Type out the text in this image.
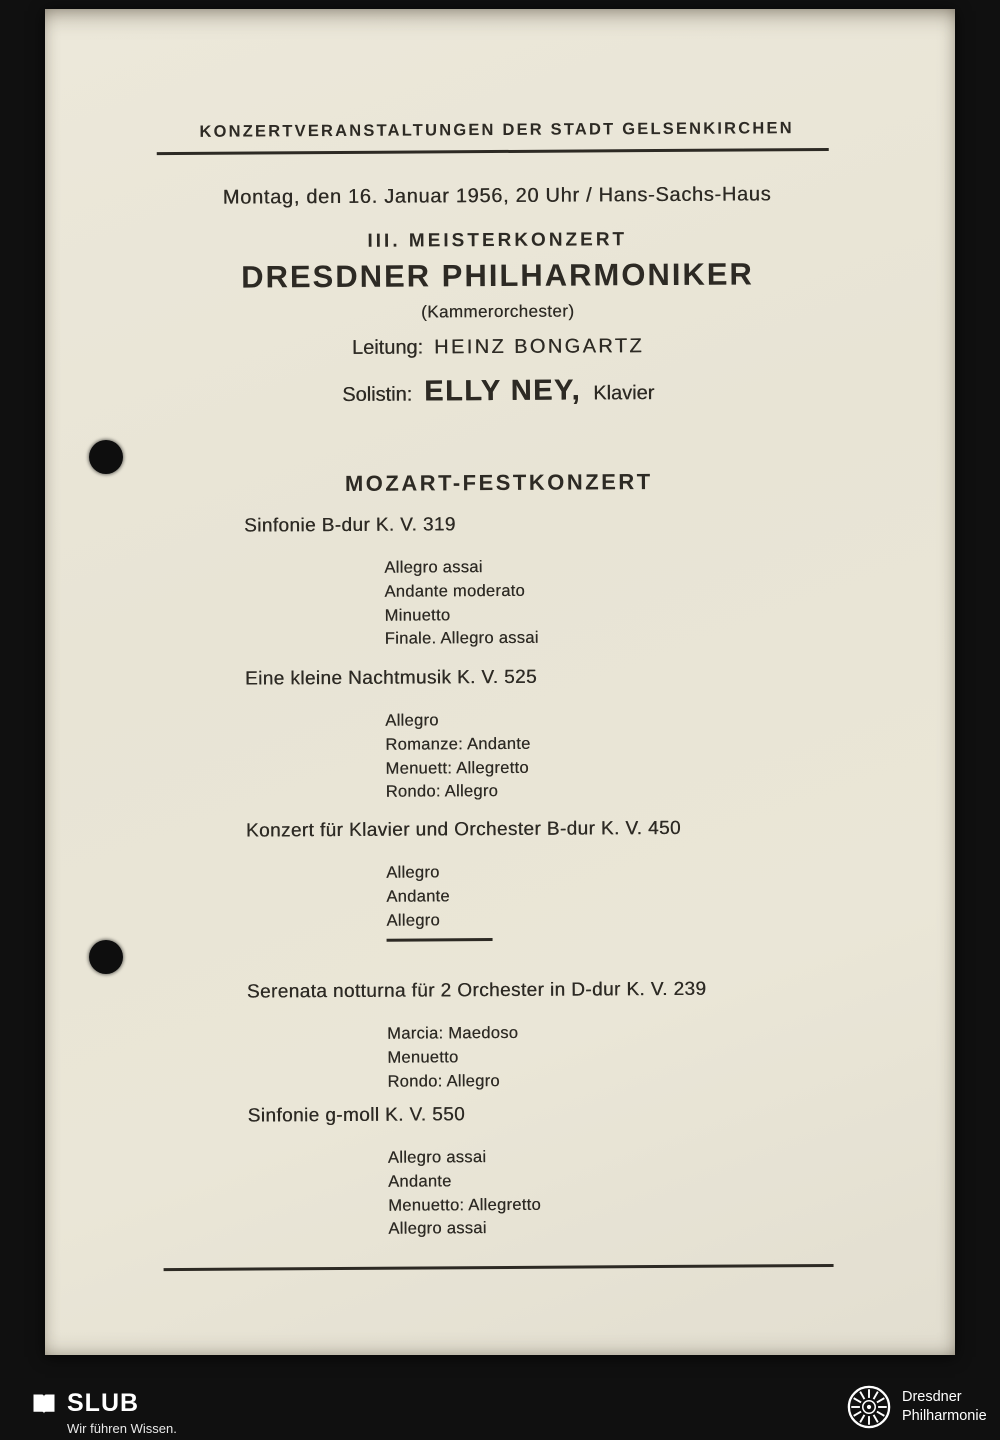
KONZERTVERANSTALTUNGEN DER STADT GELSENKIRCHEN
Montag, den 16. Januar 1956, 20 Uhr / Hans-Sachs-Haus
III. MEISTERKONZERT
DRESDNER PHILHARMONIKER
(Kammerorchester)
Leitung: HEINZ BONGARTZ
Solistin: ELLY NEY, Klavier
MOZART-FESTKONZERT
Sinfonie B-dur K. V. 319
Allegro assai
Andante moderato
Minuetto
Finale. Allegro assai
Eine kleine Nachtmusik K. V. 525
Allegro
Romanze: Andante
Menuett: Allegretto
Rondo: Allegro
Konzert für Klavier und Orchester B-dur K. V. 450
Allegro
Andante
Allegro
Serenata notturna für 2 Orchester in D-dur K. V. 239
Marcia: Maedoso
Menuetto
Rondo: Allegro
Sinfonie g-moll K. V. 550
Allegro assai
Andante
Menuetto: Allegretto
Allegro assai
SLUB
Wir führen Wissen.
Dresdner
Philharmonie
